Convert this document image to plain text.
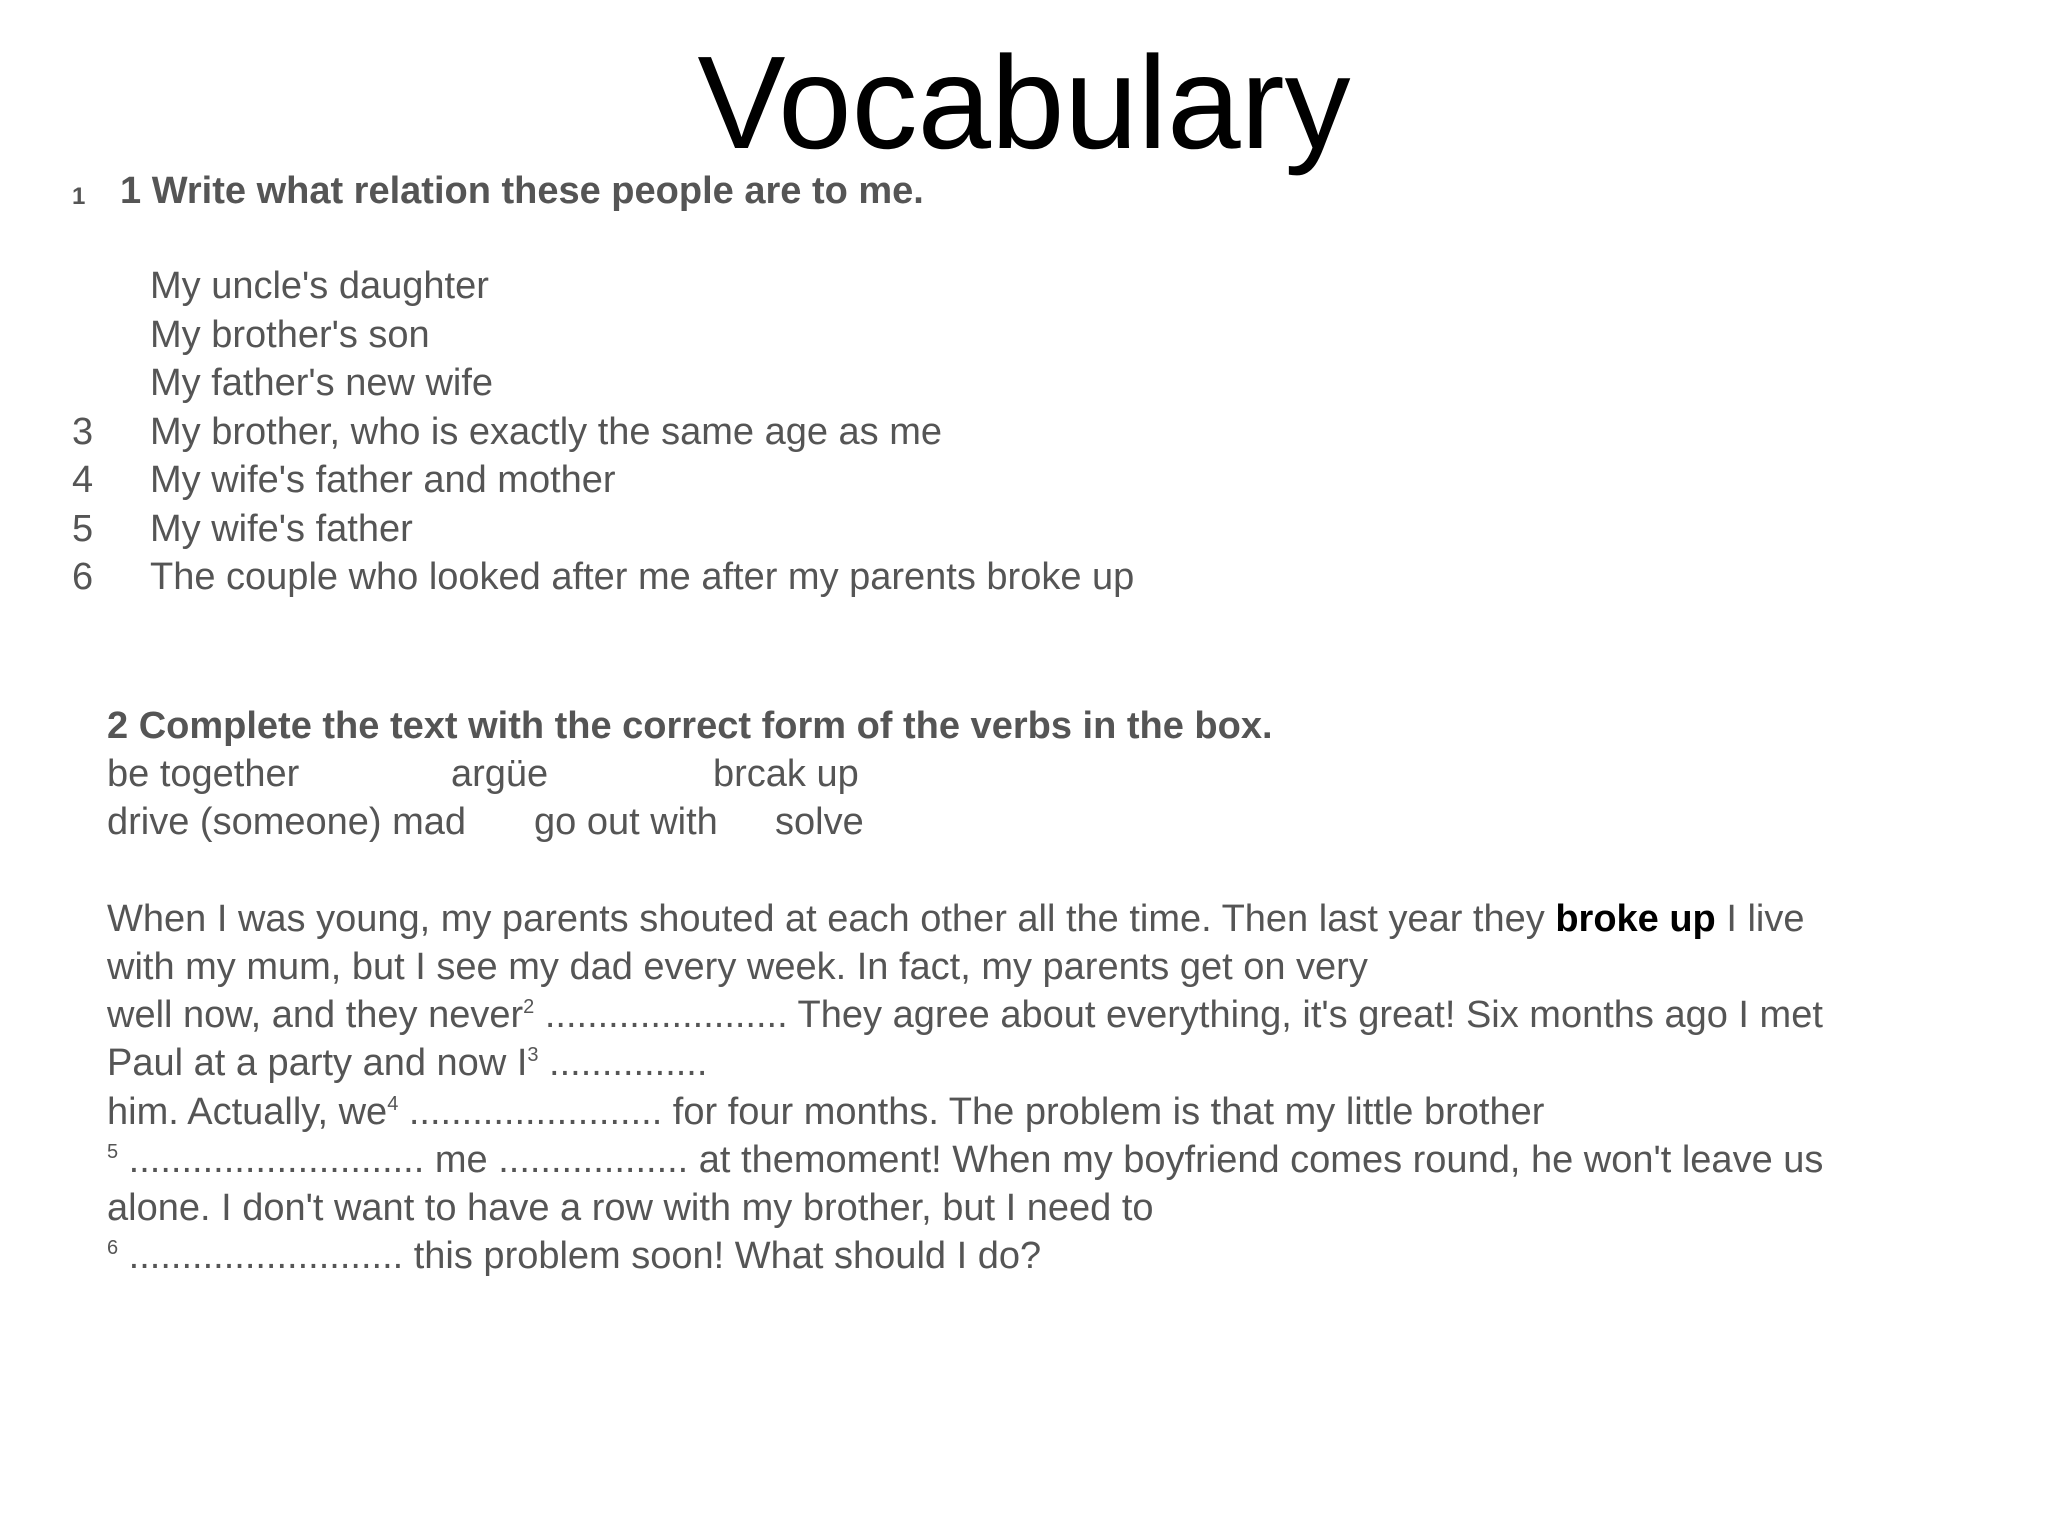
Vocabulary
1 1 Write what relation these people are to me.
My uncle's daughter
My brother's son
My father's new wife
3	My brother, who is exactly the same age as me
4	My wife's father and mother
5	My wife's father
6	The couple who looked after me after my parents broke up
2 Complete the text with the correct form of the verbs in the box.
be together	argüe	brcak up
drive (someone) mad go out with solve
When I was young, my parents shouted at each other all the time. Then last year they broke up I live
with my mum, but I see my dad every week. In fact, my parents get on very
well now, and they never$^2$ ....................... They agree about everything, it's great! Six months ago I met
Paul at a party and now $I^3$ ...............
him. Actually, $we^4$ ........................ for four months. The problem is that my little brother
$^5$ ............................ me .................. at themoment! When my boyfriend comes round, he won't leave us
alone. I don't want to have a row with my brother, but I need to
$^6$ .......................... this problem soon! What should I do?
